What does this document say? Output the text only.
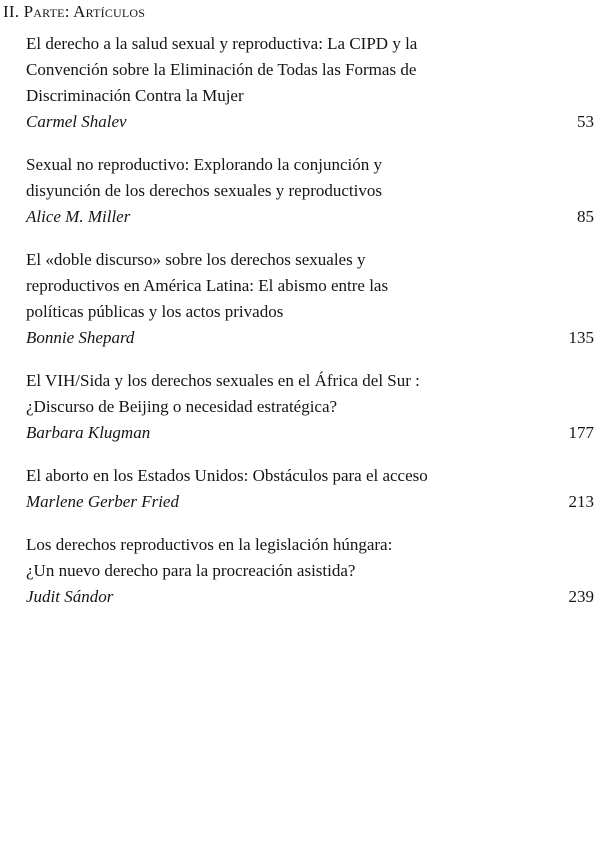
II. Parte: Artículos
El derecho a la salud sexual y reproductiva: La CIPD y la
Convención sobre la Eliminación de Todas las Formas de
Discriminación Contra la Mujer
Carmel Shalev	53
Sexual no reproductivo: Explorando la conjunción y
disyunción de los derechos sexuales y reproductivos
Alice M. Miller	85
El «doble discurso» sobre los derechos sexuales y
reproductivos en América Latina: El abismo entre las
políticas públicas y los actos privados
Bonnie Shepard	135
El VIH/Sida y los derechos sexuales en el África del Sur :
¿Discurso de Beijing o necesidad estratégica?
Barbara Klugman	177
El aborto en los Estados Unidos: Obstáculos para el acceso
Marlene Gerber Fried	213
Los derechos reproductivos en la legislación húngara:
¿Un nuevo derecho para la procreación asistida?
Judit Sándor	239
